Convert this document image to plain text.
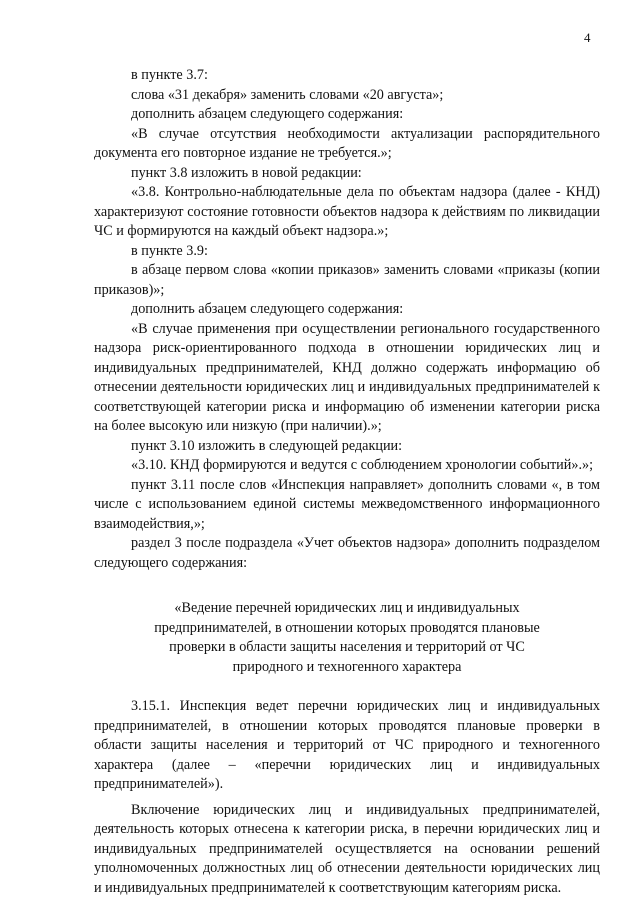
4

в пункте 3.7:

слова «31 декабря» заменить словами «20 августа»;

дополнить абзацем следующего содержания:

«В случае отсутствия необходимости актуализации распорядительного документа его повторное издание не требуется.»;

пункт 3.8 изложить в новой редакции:

«3.8. Контрольно-наблюдательные дела по объектам надзора (далее - КНД) характеризуют состояние готовности объектов надзора к действиям по ликвидации ЧС и формируются на каждый объект надзора.»;

в пункте 3.9:

в абзаце первом слова «копии приказов» заменить словами «приказы (копии приказов)»;

дополнить абзацем следующего содержания:

«В случае применения при осуществлении регионального государственного надзора риск-ориентированного подхода в отношении юридических лиц и индивидуальных предпринимателей, КНД должно содержать информацию об отнесении деятельности юридических лиц и индивидуальных предпринимателей к соответствующей категории риска и информацию об изменении категории риска на более высокую или низкую (при наличии).»;

пункт 3.10 изложить в следующей редакции:

«3.10. КНД формируются и ведутся с соблюдением хронологии событий».»;

пункт 3.11 после слов «Инспекция направляет» дополнить словами «, в том числе с использованием единой системы межведомственного информационного взаимодействия,»;

раздел 3 после подраздела «Учет объектов надзора» дополнить подразделом следующего содержания:

«Ведение перечней юридических лиц и индивидуальных предпринимателей, в отношении которых проводятся плановые проверки в области защиты населения и территорий от ЧС природного и техногенного характера

3.15.1. Инспекция ведет перечни юридических лиц и индивидуальных предпринимателей, в отношении которых проводятся плановые проверки в области защиты населения и территорий от ЧС природного и техногенного характера (далее – «перечни юридических лиц и индивидуальных предпринимателей»).

Включение юридических лиц и индивидуальных предпринимателей, деятельность которых отнесена к категории риска, в перечни юридических лиц и индивидуальных предпринимателей осуществляется на основании решений уполномоченных должностных лиц об отнесении деятельности юридических лиц и индивидуальных предпринимателей к соответствующим категориям риска.
